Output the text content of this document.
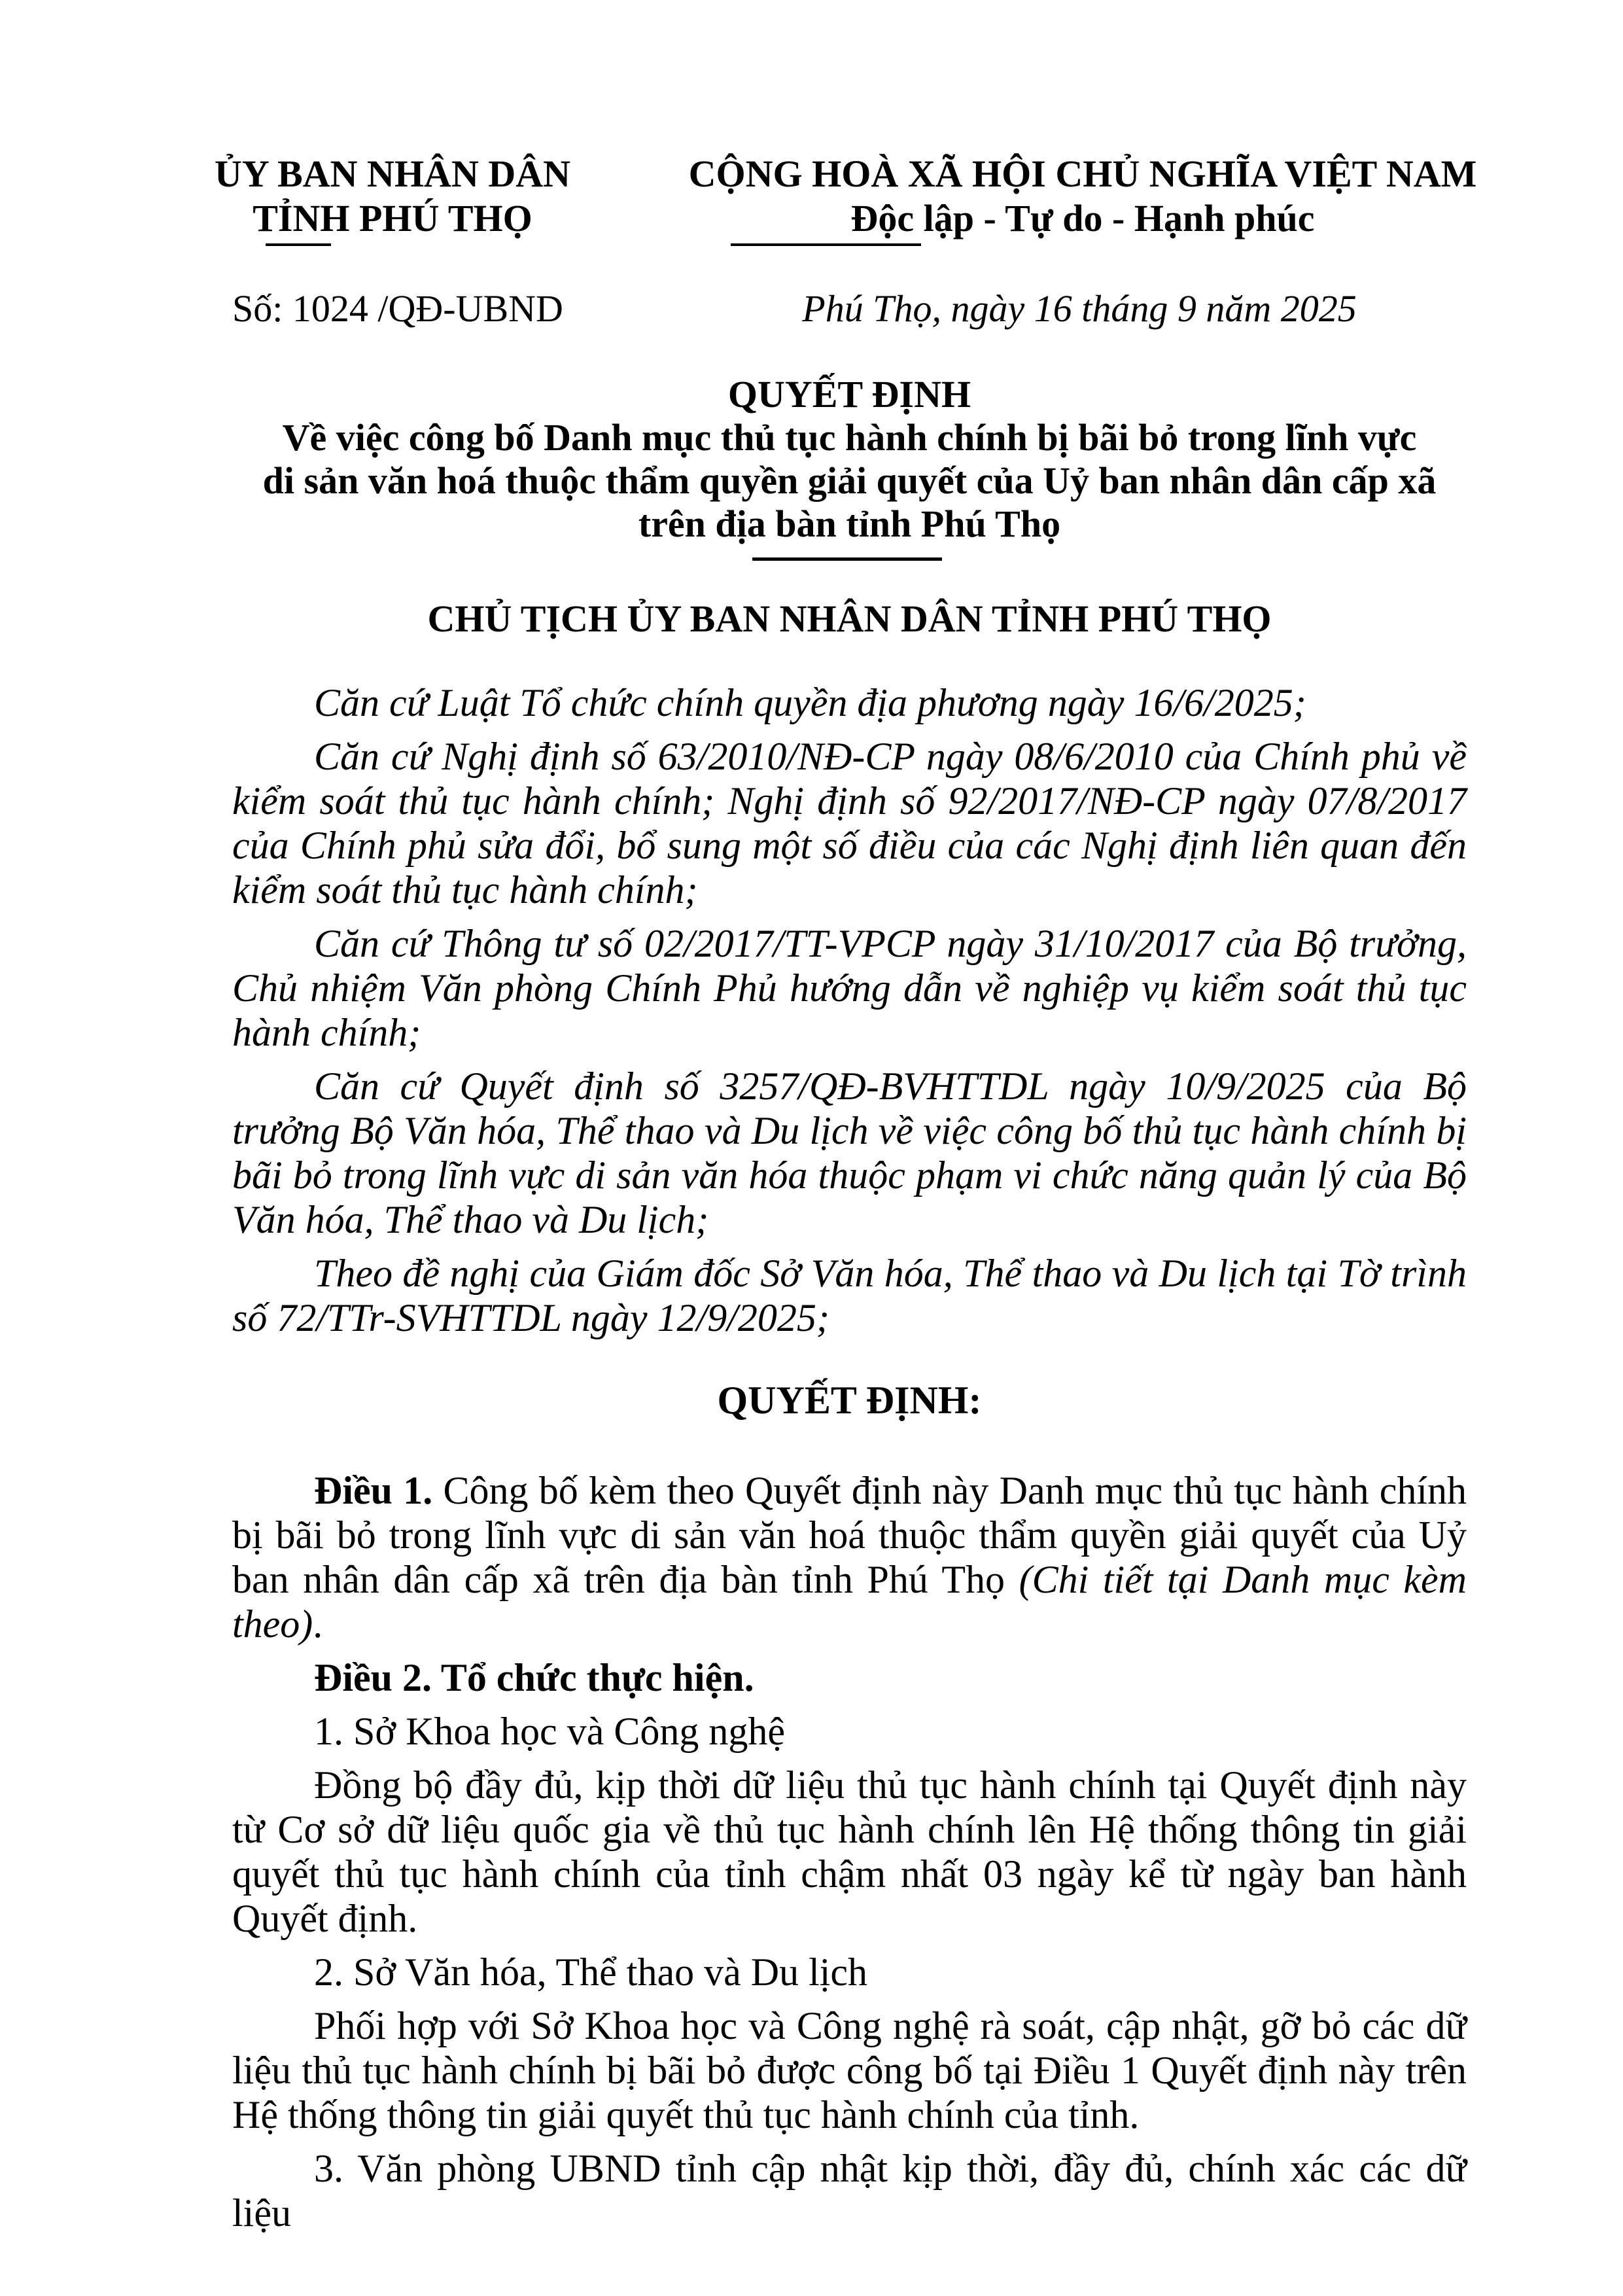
ỦY BAN NHÂN DÂN
TỈNH PHÚ THỌ
CỘNG HOÀ XÃ HỘI CHỦ NGHĨA VIỆT NAM
Độc lập - Tự do - Hạnh phúc
Số: 1024 /QĐ-UBND	Phú Thọ, ngày 16 tháng 9 năm 2025
QUYẾT ĐỊNH
Về việc công bố Danh mục thủ tục hành chính bị bãi bỏ trong lĩnh vực
di sản văn hoá thuộc thẩm quyền giải quyết của Uỷ ban nhân dân cấp xã
trên địa bàn tỉnh Phú Thọ
CHỦ TỊCH ỦY BAN NHÂN DÂN TỈNH PHÚ THỌ

Căn cứ Luật Tổ chức chính quyền địa phương ngày 16/6/2025;

Căn cứ Nghị định số 63/2010/NĐ-CP ngày 08/6/2010 của Chính phủ về kiểm soát thủ tục hành chính; Nghị định số 92/2017/NĐ-CP ngày 07/8/2017 của Chính phủ sửa đổi, bổ sung một số điều của các Nghị định liên quan đến kiểm soát thủ tục hành chính;

Căn cứ Thông tư số 02/2017/TT-VPCP ngày 31/10/2017 của Bộ trưởng, Chủ nhiệm Văn phòng Chính Phủ hướng dẫn về nghiệp vụ kiểm soát thủ tục hành chính;

Căn cứ Quyết định số 3257/QĐ-BVHTTDL ngày 10/9/2025 của Bộ trưởng Bộ Văn hóa, Thể thao và Du lịch về việc công bố thủ tục hành chính bị bãi bỏ trong lĩnh vực di sản văn hóa thuộc phạm vi chức năng quản lý của Bộ Văn hóa, Thể thao và Du lịch;

Theo đề nghị của Giám đốc Sở Văn hóa, Thể thao và Du lịch tại Tờ trình số 72/TTr-SVHTTDL ngày 12/9/2025;

QUYẾT ĐỊNH:

Điều 1. Công bố kèm theo Quyết định này Danh mục thủ tục hành chính bị bãi bỏ trong lĩnh vực di sản văn hoá thuộc thẩm quyền giải quyết của Uỷ ban nhân dân cấp xã trên địa bàn tỉnh Phú Thọ (Chi tiết tại Danh mục kèm theo).

Điều 2. Tổ chức thực hiện.

1. Sở Khoa học và Công nghệ

Đồng bộ đầy đủ, kịp thời dữ liệu thủ tục hành chính tại Quyết định này từ Cơ sở dữ liệu quốc gia về thủ tục hành chính lên Hệ thống thông tin giải quyết thủ tục hành chính của tỉnh chậm nhất 03 ngày kể từ ngày ban hành Quyết định.

2. Sở Văn hóa, Thể thao và Du lịch

Phối hợp với Sở Khoa học và Công nghệ rà soát, cập nhật, gỡ bỏ các dữ liệu thủ tục hành chính bị bãi bỏ được công bố tại Điều 1 Quyết định này trên Hệ thống thông tin giải quyết thủ tục hành chính của tỉnh.

3. Văn phòng UBND tỉnh cập nhật kịp thời, đầy đủ, chính xác các dữ liệu
